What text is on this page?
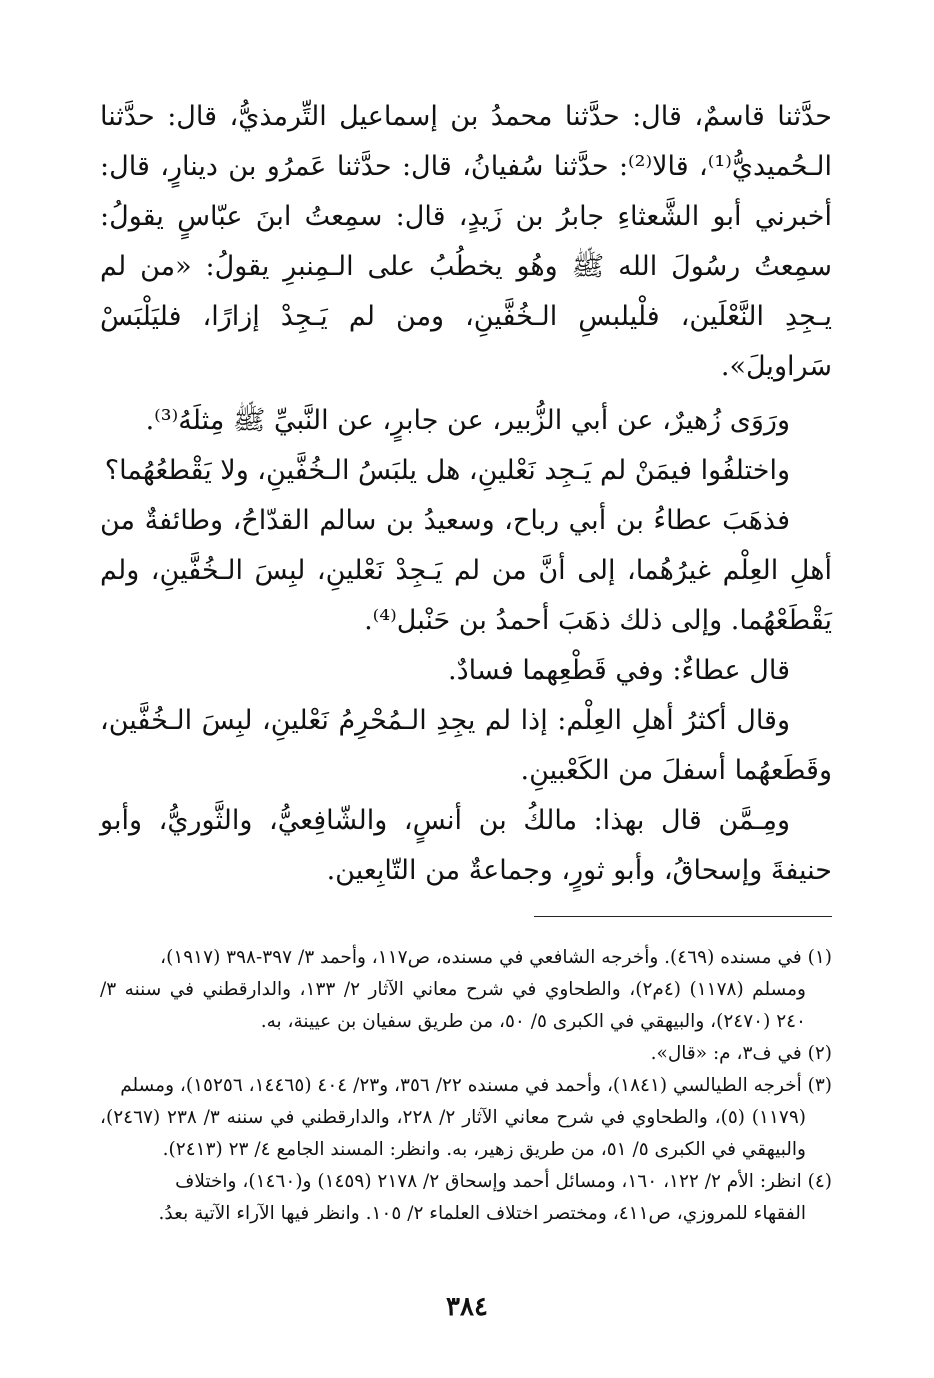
حدَّثنا قاسمٌ، قال: حدَّثنا محمدُ بن إسماعيل التِّرمذيُّ، قال: حدَّثنا الـحُميديُّ⁽¹⁾، قالا⁽²⁾: حدَّثنا سُفيانُ، قال: حدَّثنا عَمرُو بن دينارٍ، قال: أخبرني أبو الشَّعثاءِ جابرُ بن زَيدٍ، قال: سمِعتُ ابنَ عبّاسٍ يقولُ: سمِعتُ رسُولَ الله ﷺ وهُو يخطُبُ على الـمِنبرِ يقولُ: «من لم يـجِدِ النَّعْلَين، فلْيلبسِ الـخُفَّينِ، ومن لم يَـجِدْ إزارًا، فليَلْبَسْ سَراويلَ».

ورَوَى زُهيرٌ، عن أبي الزُّبير، عن جابرٍ، عن النَّبيِّ ﷺ مِثلَهُ⁽³⁾.

واختلفُوا فيمَنْ لم يَـجِد نَعْلينِ، هل يلبَسُ الـخُفَّينِ، ولا يَقْطعُهُما؟

فذهَبَ عطاءُ بن أبي رباح، وسعيدُ بن سالم القدّاحُ، وطائفةٌ من أهلِ العِلْم غيرُهُما، إلى أنَّ من لم يَـجِدْ نَعْلينِ، لبِسَ الـخُفَّينِ، ولم يَقْطَعْهُما. وإلى ذلك ذهَبَ أحمدُ بن حَنْبل⁽⁴⁾.

قال عطاءٌ: وفي قَطْعِهما فسادٌ.

وقال أكثرُ أهلِ العِلْم: إذا لم يجِدِ الـمُحْرِمُ نَعْلينِ، لبِسَ الـخُفَّين، وقَطَعهُما أسفلَ من الكَعْبينِ.

ومِـمَّن قال بهذا: مالكُ بن أنسٍ، والشّافِعيُّ، والثَّوريُّ، وأبو حنيفةَ وإسحاقُ، وأبو ثورٍ، وجماعةٌ من التّابِعين.

(١) في مسنده (٤٦٩). وأخرجه الشافعي في مسنده، ص١١٧، وأحمد ٣/ ٣٩٧-٣٩٨ (١٩١٧)،

ومسلم (١١٧٨) (٤م٢)، والطحاوي في شرح معاني الآثار ٢/ ١٣٣، والدارقطني في سننه ٣/ ٢٤٠ (٢٤٧٠)، والبيهقي في الكبرى ٥/ ٥٠، من طريق سفيان بن عيينة، به.

(٢) في ف٣، م: «قال».

(٣) أخرجه الطيالسي (١٨٤١)، وأحمد في مسنده ٢٢/ ٣٥٦، و٢٣/ ٤٠٤ (١٤٤٦٥، ١٥٢٥٦)، ومسلم

(١١٧٩) (٥)، والطحاوي في شرح معاني الآثار ٢/ ٢٢٨، والدارقطني في سننه ٣/ ٢٣٨ (٢٤٦٧)، والبيهقي في الكبرى ٥/ ٥١، من طريق زهير، به. وانظر: المسند الجامع ٤/ ٢٣ (٢٤١٣).

(٤) انظر: الأم ٢/ ١٢٢، ١٦٠، ومسائل أحمد وإسحاق ٢/ ٢١٧٨ (١٤٥٩) و(١٤٦٠)، واختلاف

الفقهاء للمروزي، ص٤١١، ومختصر اختلاف العلماء ٢/ ١٠٥. وانظر فيها الآراء الآتية بعدُ.

٣٨٤
